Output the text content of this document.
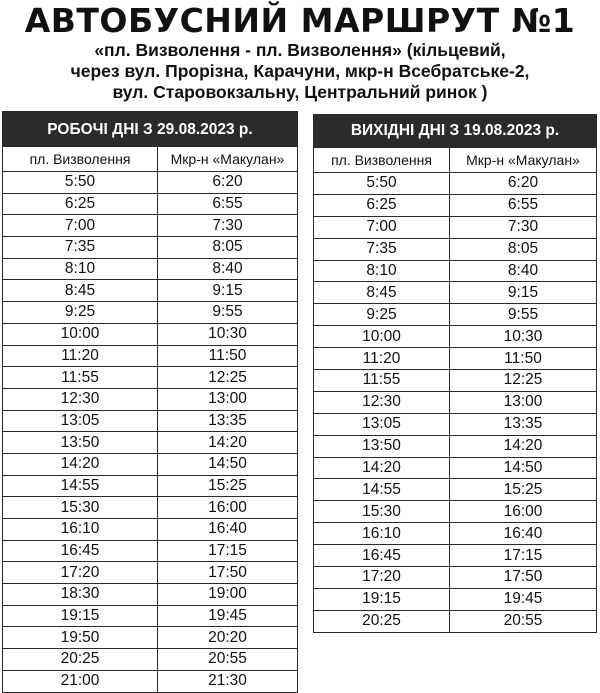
АВТОБУСНИЙ МАРШРУТ №1
«пл. Визволення - пл. Визволення» (кільцевий,
через вул. Прорізна, Карачуни, мкр-н Всебратське-2,
вул. Старовокзальну, Центральний ринок )
РОБОЧІ ДНІ З 29.08.2023 р.
пл. Визволення	Мкр-н «Макулан»
5:50	6:20
6:25	6:55
7:00	7:30
7:35	8:05
8:10	8:40
8:45	9:15
9:25	9:55
10:00	10:30
11:20	11:50
11:55	12:25
12:30	13:00
13:05	13:35
13:50	14:20
14:20	14:50
14:55	15:25
15:30	16:00
16:10	16:40
16:45	17:15
17:20	17:50
18:30	19:00
19:15	19:45
19:50	20:20
20:25	20:55
21:00	21:30
ВИХІДНІ ДНІ З 19.08.2023 р.
пл. Визволення	Мкр-н «Макулан»
5:50	6:20
6:25	6:55
7:00	7:30
7:35	8:05
8:10	8:40
8:45	9:15
9:25	9:55
10:00	10:30
11:20	11:50
11:55	12:25
12:30	13:00
13:05	13:35
13:50	14:20
14:20	14:50
14:55	15:25
15:30	16:00
16:10	16:40
16:45	17:15
17:20	17:50
19:15	19:45
20:25	20:55
